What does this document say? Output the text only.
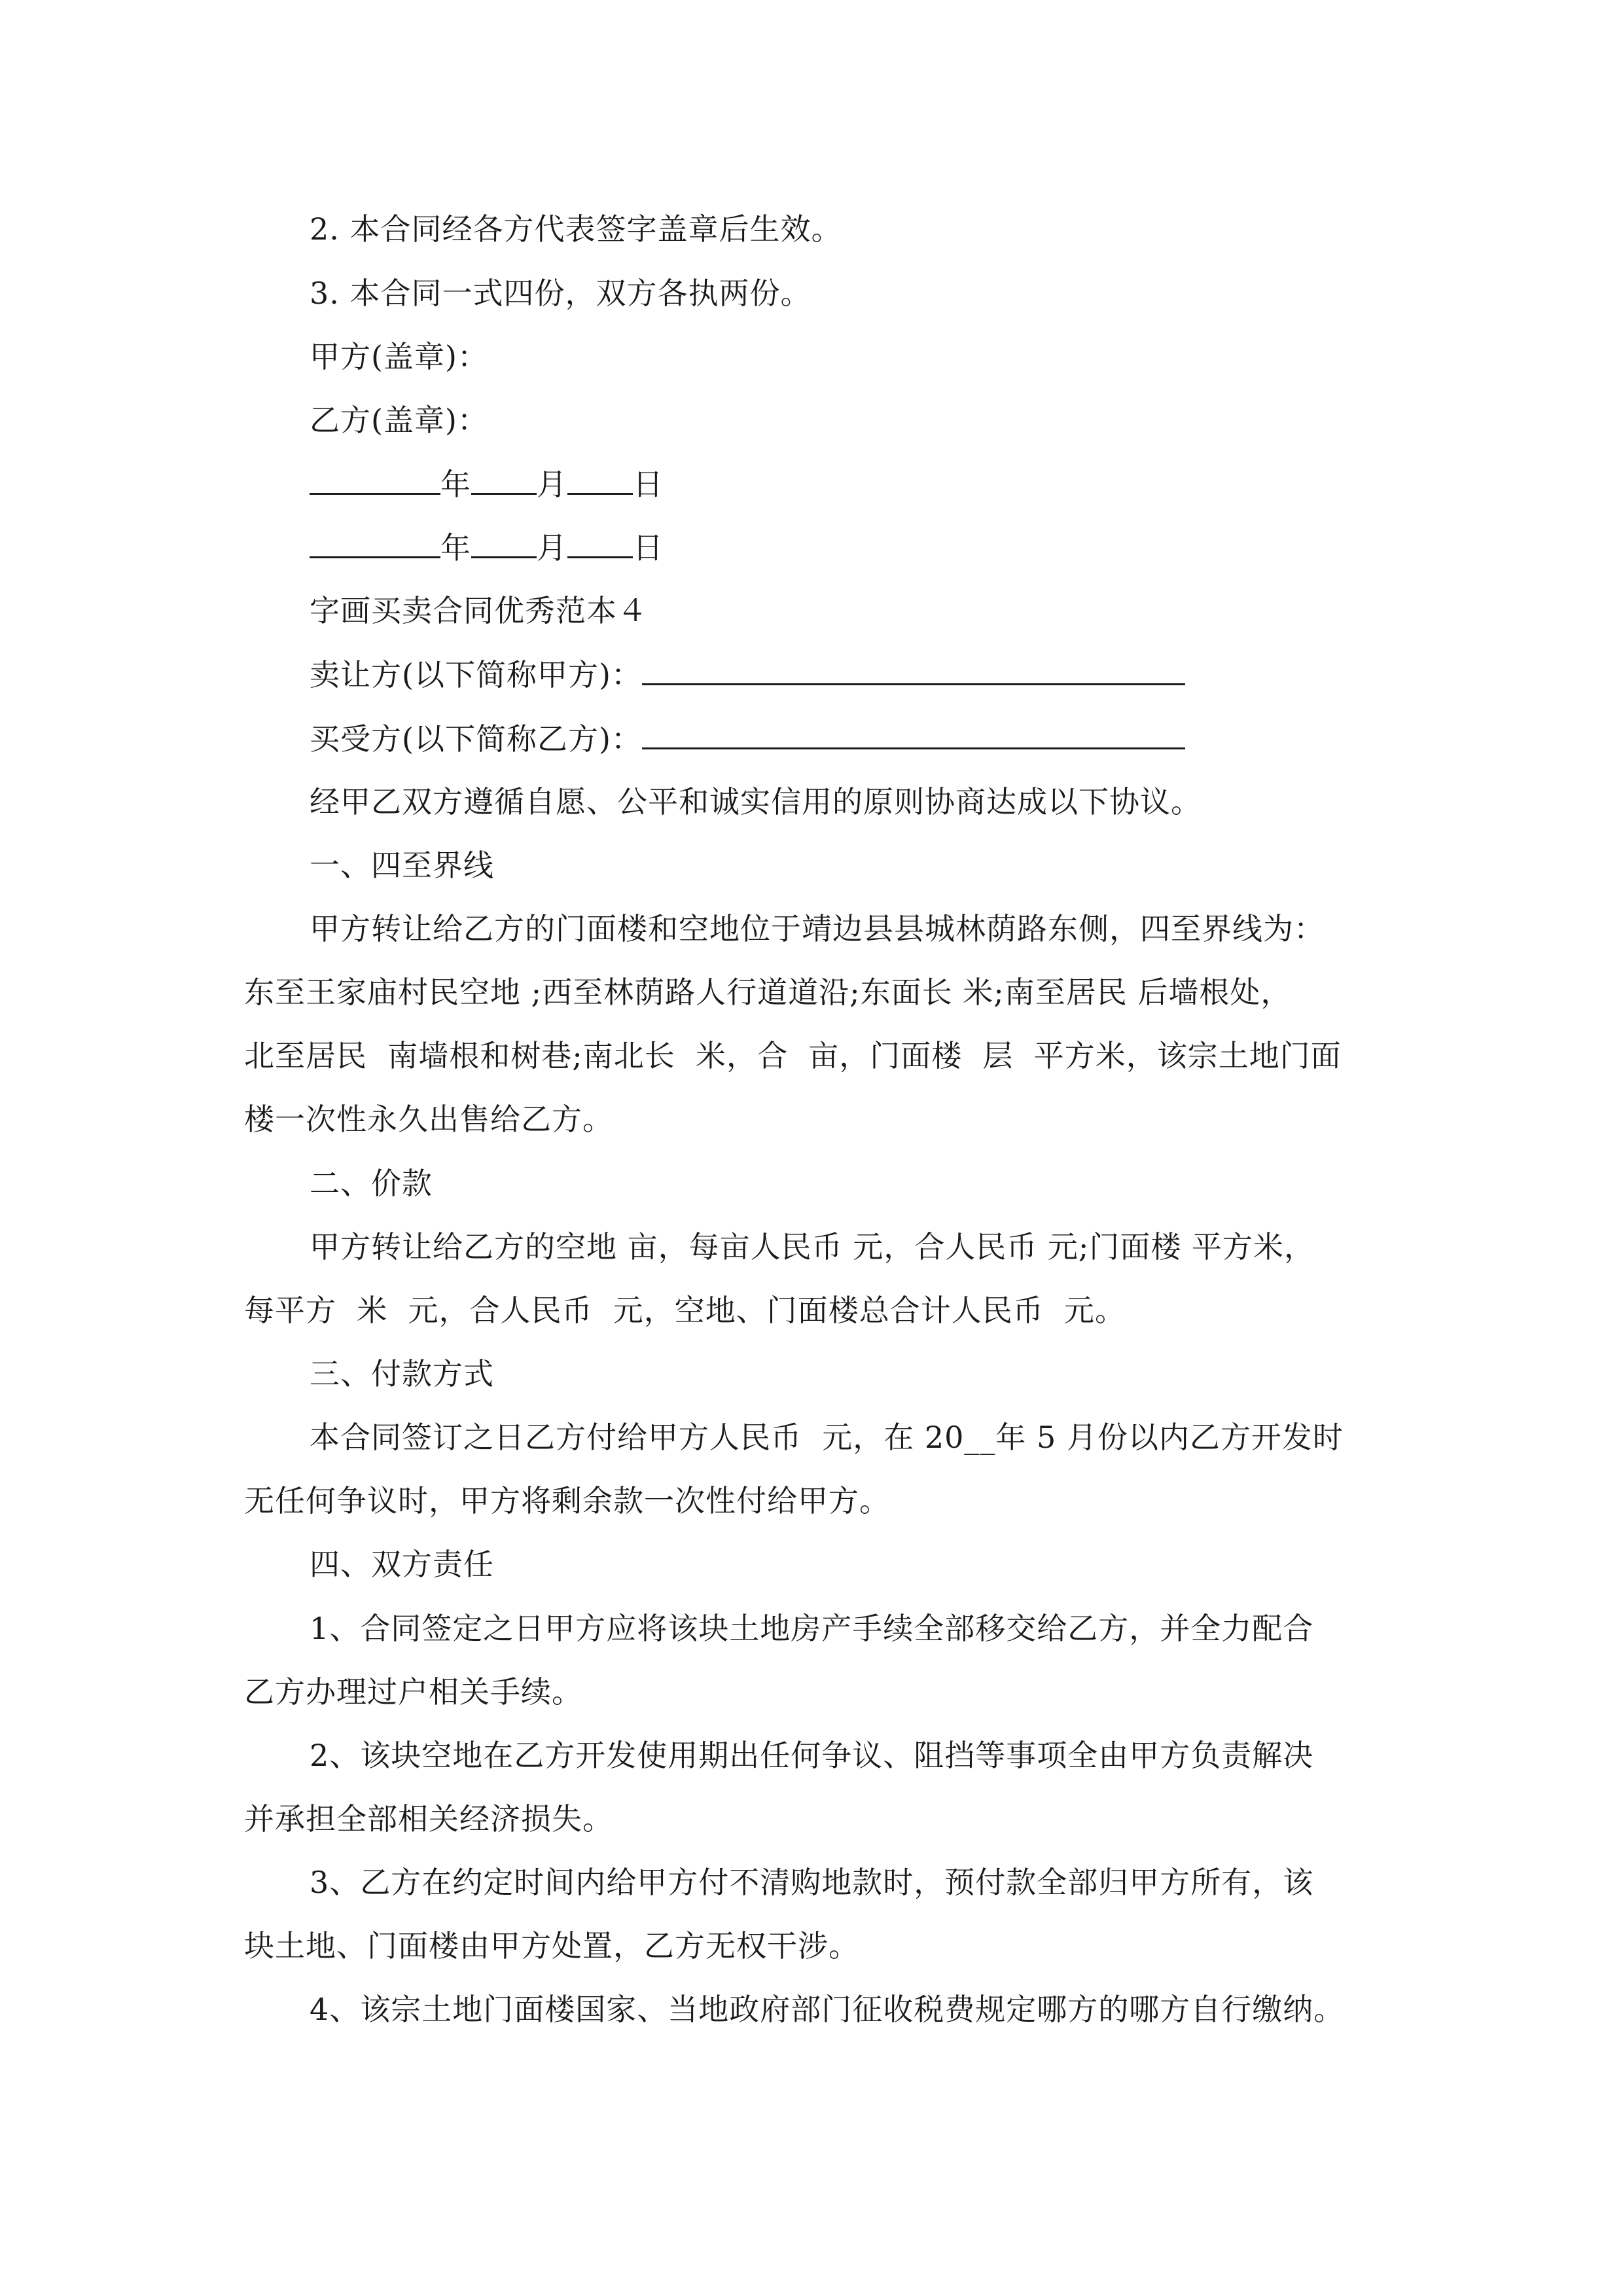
2. 本合同经各方代表签字盖章后生效。
3. 本合同一式四份，双方各执两份。
甲方(盖章)：
乙方(盖章)：
年 月 日
年 月 日
字画买卖合同优秀范本４
卖让方(以下简称甲方)：
买受方(以下简称乙方)：
经甲乙双方遵循自愿、公平和诚实信用的原则协商达成以下协议。
一、四至界线
甲方转让给乙方的门面楼和空地位于靖边县县城林荫路东侧，四至界线为：
东至王家庙村民空地 ;西至林荫路人行道道沿;东面长 米;南至居民 后墙根处，
北至居民  南墙根和树巷;南北长  米，合  亩，门面楼  层  平方米，该宗土地门面
楼一次性永久出售给乙方。
二、价款
甲方转让给乙方的空地 亩，每亩人民币 元，合人民币 元;门面楼 平方米，
每平方  米  元，合人民币  元，空地、门面楼总合计人民币  元。
三、付款方式
本合同签订之日乙方付给甲方人民币  元，在 20__年 5 月份以内乙方开发时
无任何争议时，甲方将剩余款一次性付给甲方。
四、双方责任
1、合同签定之日甲方应将该块土地房产手续全部移交给乙方，并全力配合
乙方办理过户相关手续。
2、该块空地在乙方开发使用期出任何争议、阻挡等事项全由甲方负责解决
并承担全部相关经济损失。
3、乙方在约定时间内给甲方付不清购地款时，预付款全部归甲方所有，该
块土地、门面楼由甲方处置，乙方无权干涉。
4、该宗土地门面楼国家、当地政府部门征收税费规定哪方的哪方自行缴纳。
